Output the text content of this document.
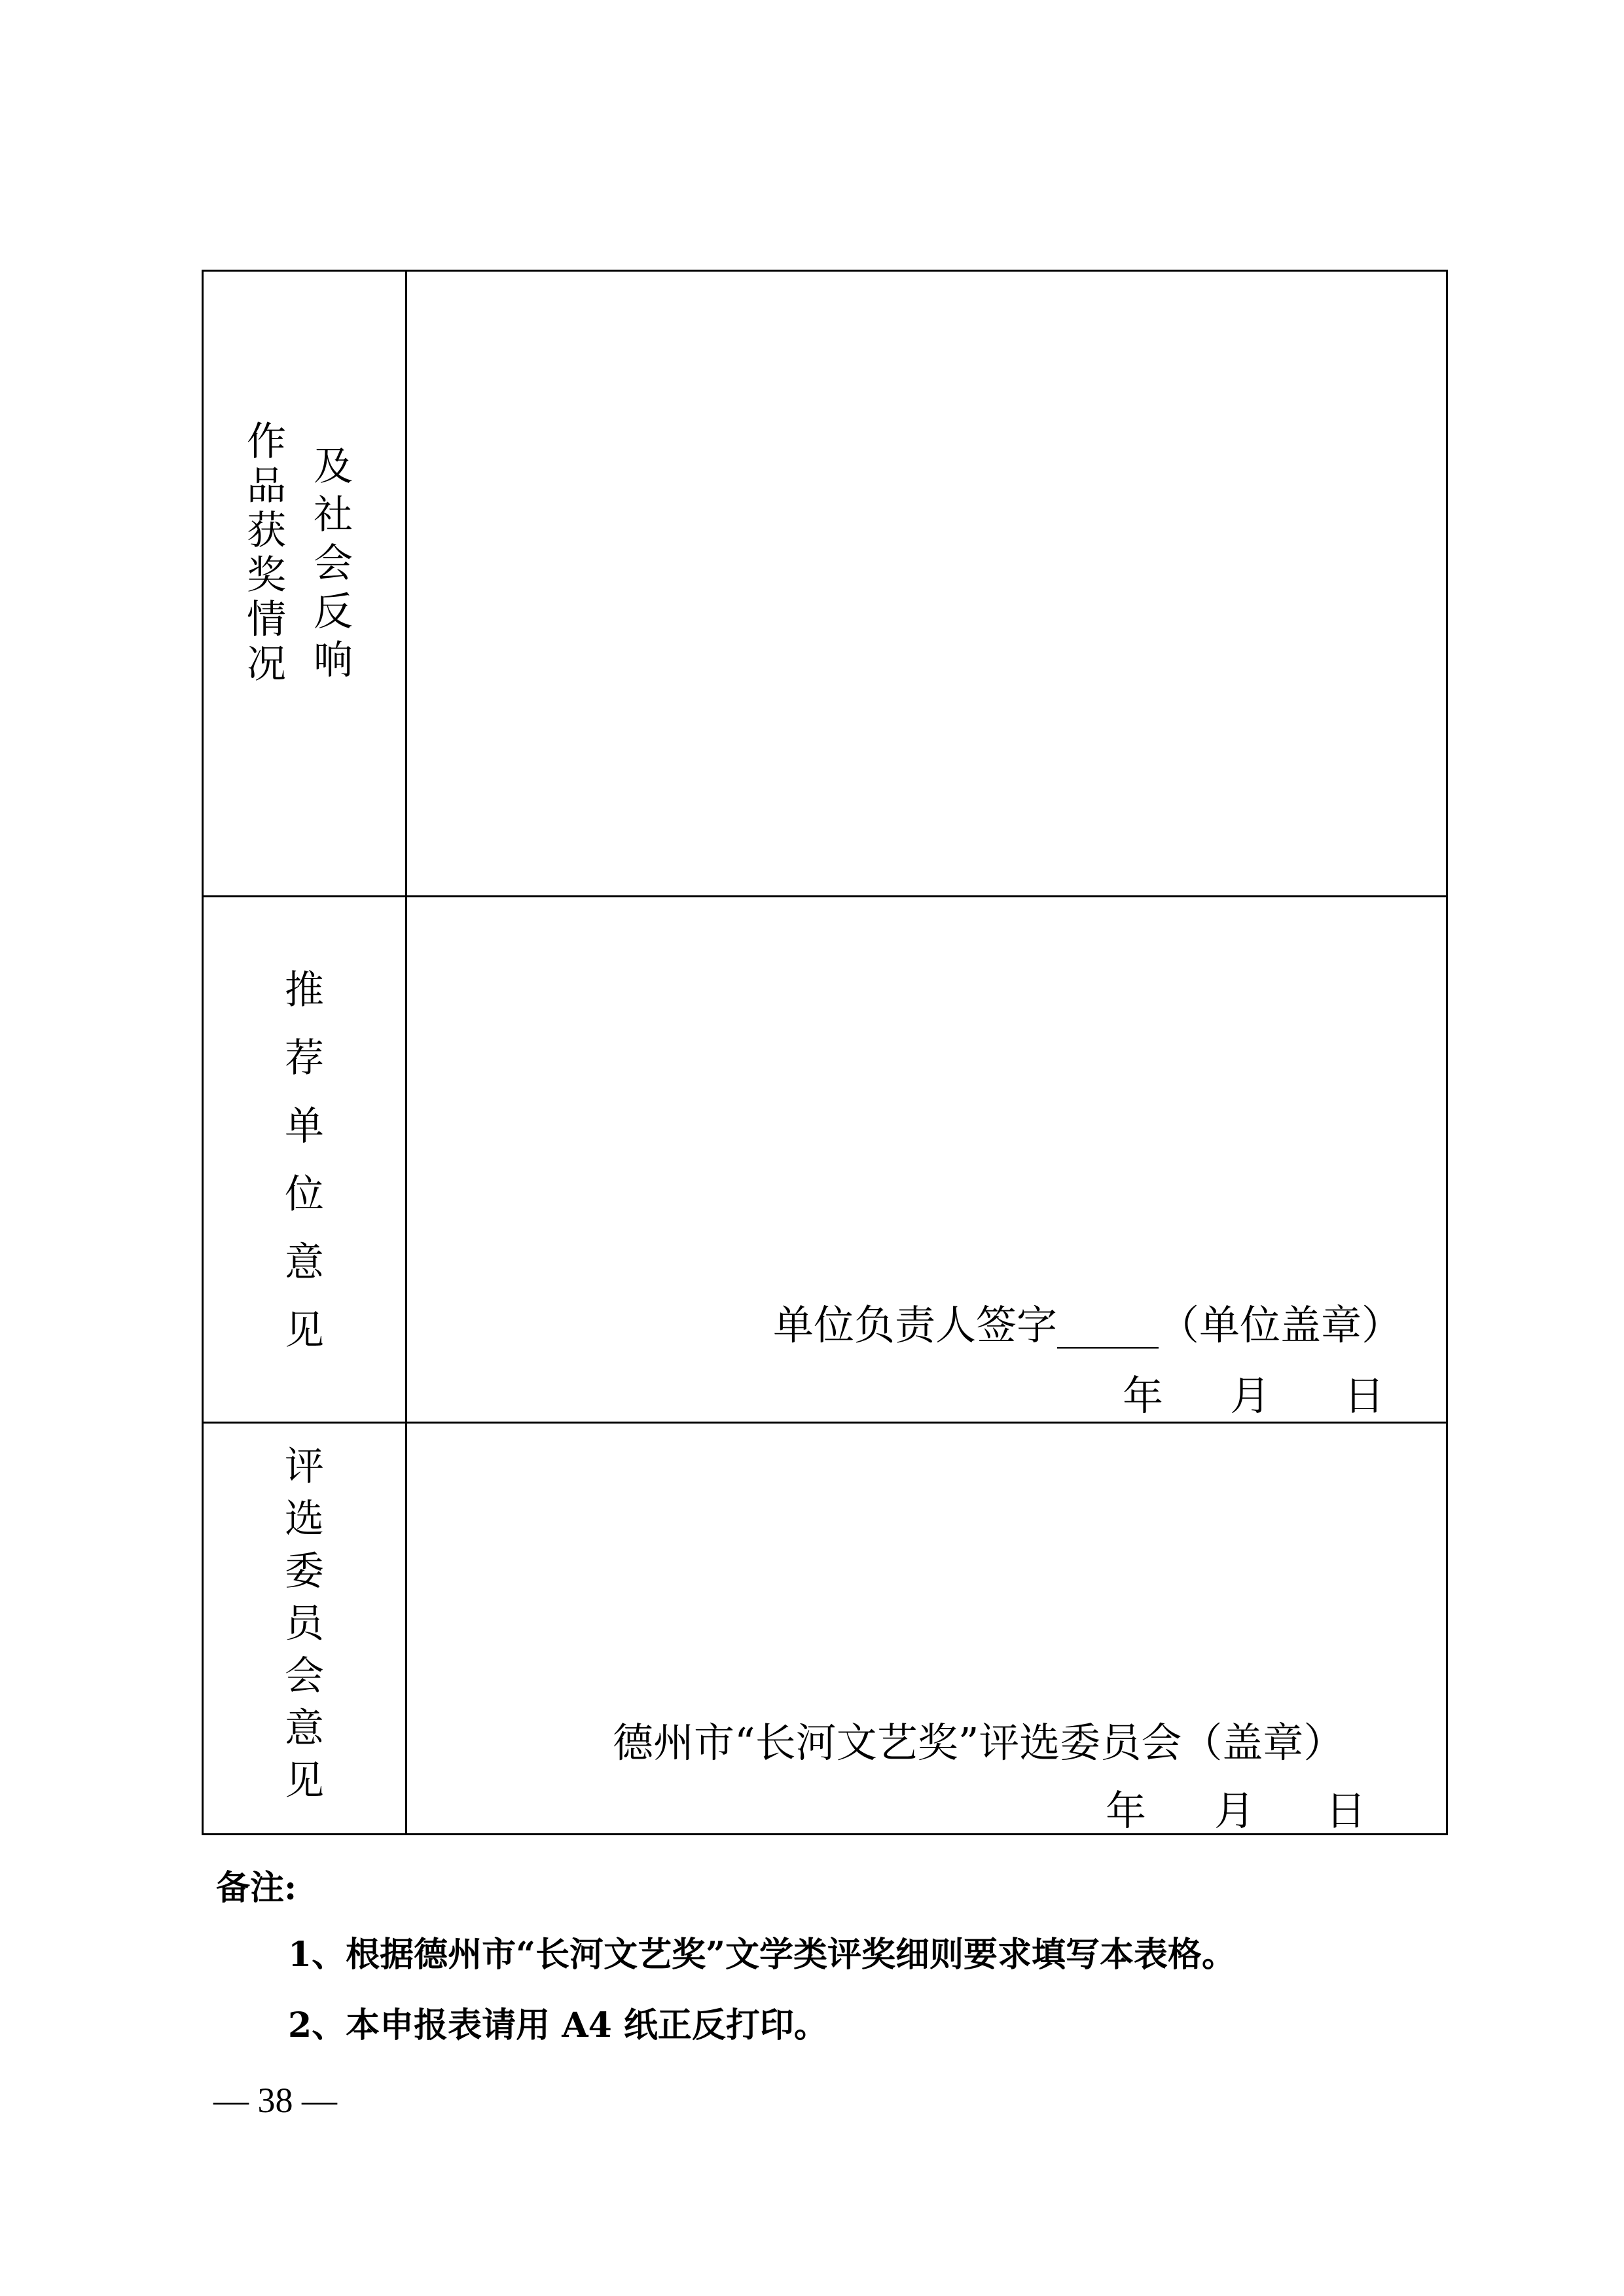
作
品
获
奖
情
况
及
社
会
反
响
推
荐
单
位
意
见	单位负责人签字_____（单位盖章）
年 月 日
评
选
委
员
会
意
见
德州市“长河文艺奖”评选委员会（盖章）
年 月 日
备注:
1、根据德州市“长河文艺奖”文学类评奖细则要求填写本表格。
2、本申报表请用 A4 纸正反打印。
— 38 —
